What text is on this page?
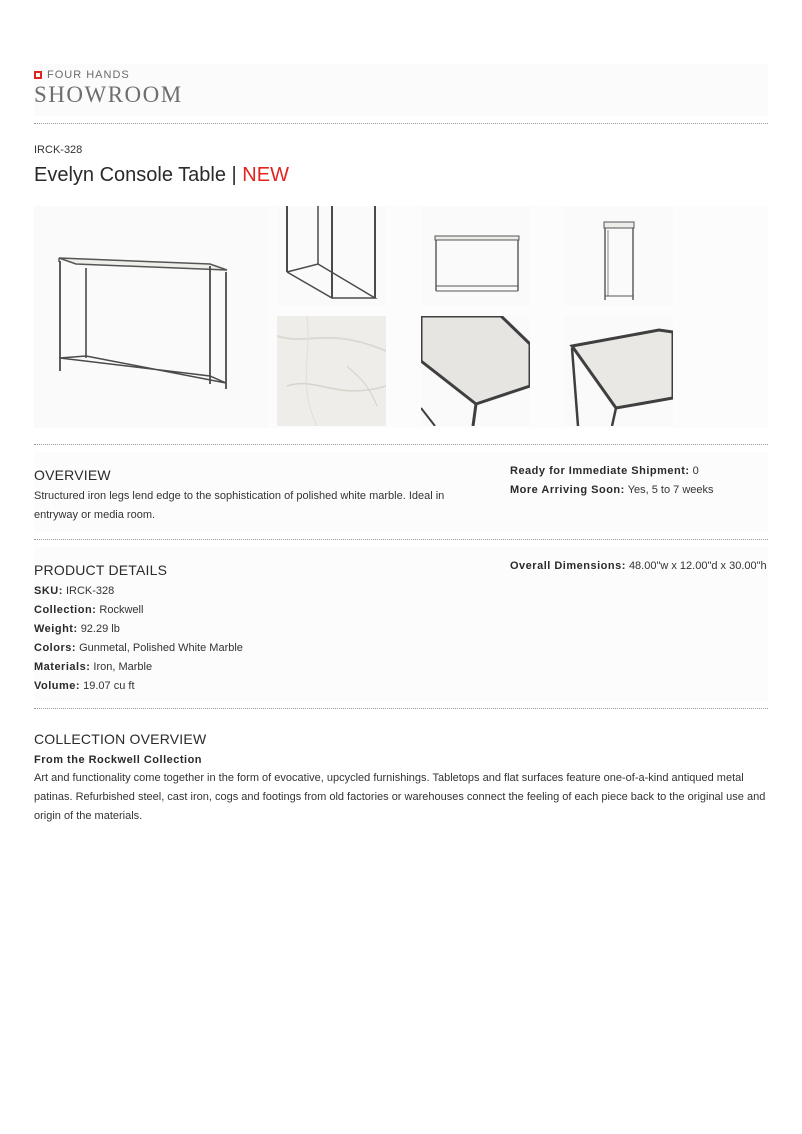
FOUR HANDS
SHOWROOM
IRCK-328
Evelyn Console Table | NEW
OVERVIEW
Structured iron legs lend edge to the sophistication of polished white marble. Ideal in entryway or media room.
Ready for Immediate Shipment: 0
More Arriving Soon: Yes, 5 to 7 weeks
PRODUCT DETAILS	Overall Dimensions: 48.00"w x 12.00"d x 30.00"h
SKU: IRCK-328
Collection: Rockwell
Weight: 92.29 lb
Colors: Gunmetal, Polished White Marble
Materials: Iron, Marble
Volume: 19.07 cu ft
COLLECTION OVERVIEW
From the Rockwell Collection
Art and functionality come together in the form of evocative, upcycled furnishings. Tabletops and flat surfaces feature one-of-a-kind antiqued metal patinas. Refurbished steel, cast iron, cogs and footings from old factories or warehouses connect the feeling of each piece back to the original use and origin of the materials.
